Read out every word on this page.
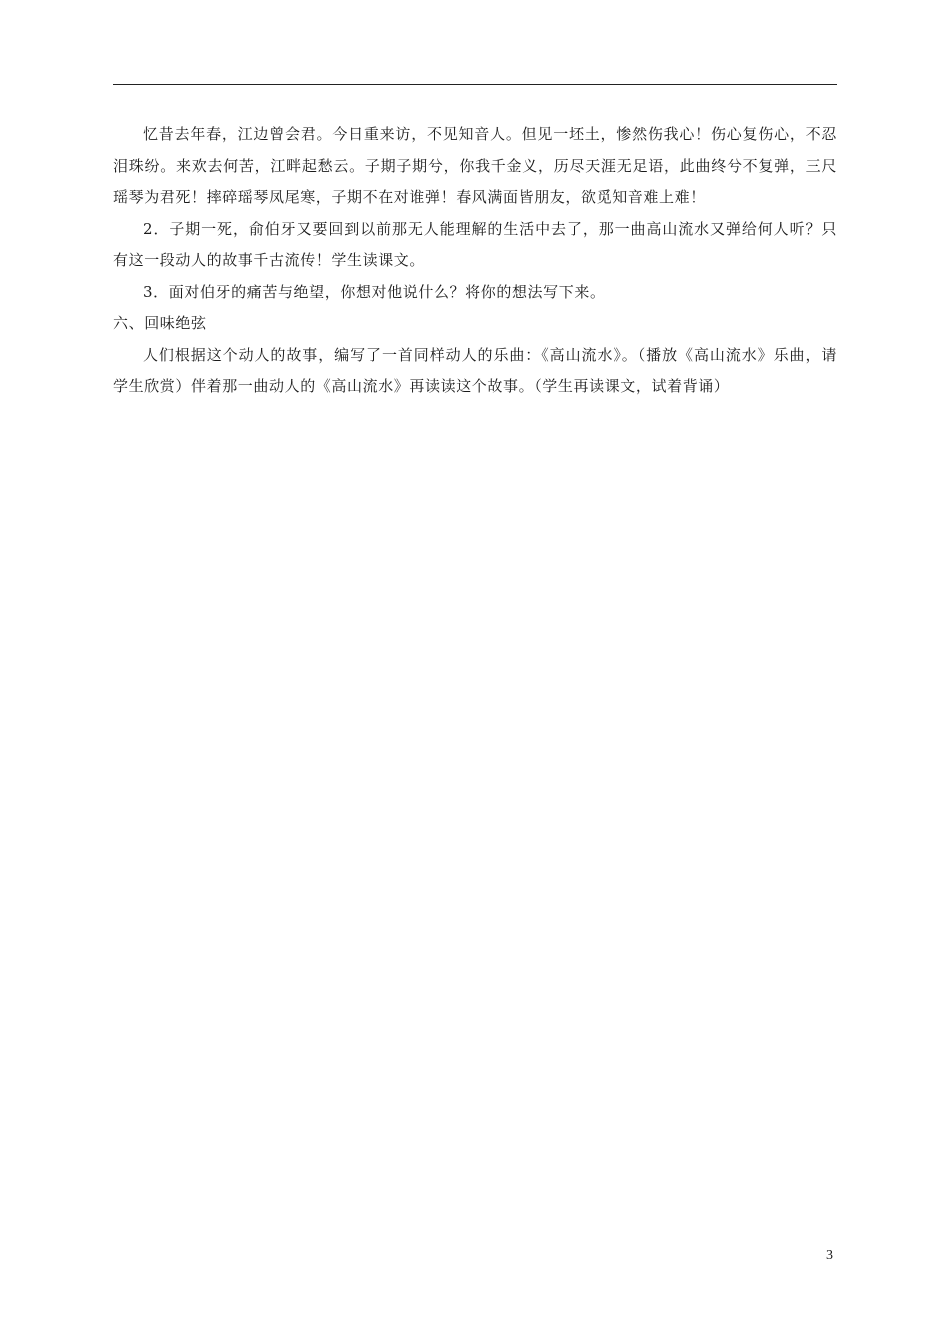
忆昔去年春，江边曾会君。今日重来访，不见知音人。但见一坯土，惨然伤我心！伤心复伤心，不忍泪珠纷。来欢去何苦，江畔起愁云。子期子期兮，你我千金义，历尽天涯无足语，此曲终兮不复弹，三尺瑶琴为君死！摔碎瑶琴凤尾寒，子期不在对谁弹！春风满面皆朋友，欲觅知音难上难！

2．子期一死，俞伯牙又要回到以前那无人能理解的生活中去了，那一曲高山流水又弹给何人听？只有这一段动人的故事千古流传！学生读课文。

3．面对伯牙的痛苦与绝望，你想对他说什么？将你的想法写下来。

六、回味绝弦

人们根据这个动人的故事，编写了一首同样动人的乐曲：《高山流水》。（播放《高山流水》乐曲，请学生欣赏）伴着那一曲动人的《高山流水》再读读这个故事。（学生再读课文，试着背诵）

3
